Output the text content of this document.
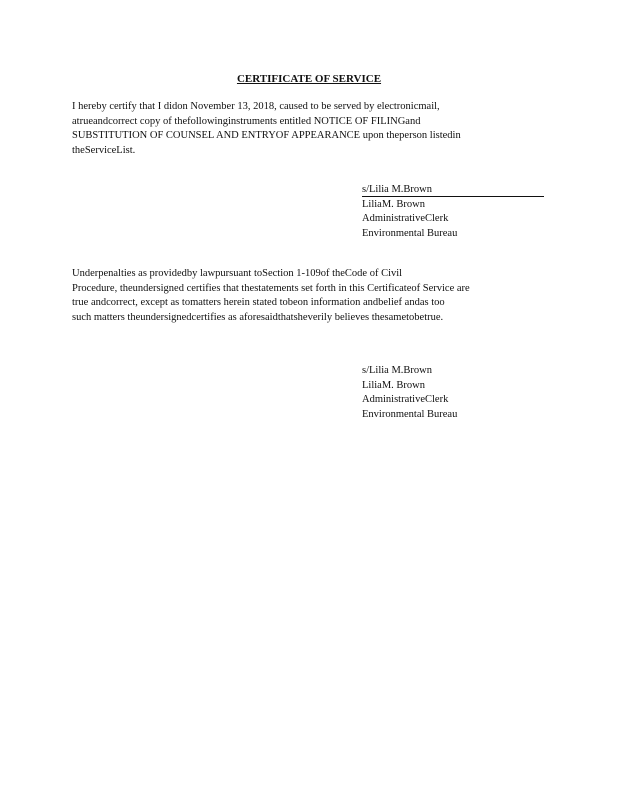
CERTIFICATE OF SERVICE
I hereby certify that I didon November 13, 2018, caused to be served by electronicmail,
atrueandcorrect copy of thefollowinginstruments entitled NOTICE OF FILINGand
SUBSTITUTION OF COUNSEL AND ENTRYOF APPEARANCE upon theperson listedin
theServiceList.
s/Lilia M.Brown
LiliaM. Brown
AdministrativeClerk
Environmental Bureau
Underpenalties as providedby lawpursuant toSection 1-109of theCode of Civil
Procedure, theundersigned certifies that thestatements set forth in this Certificateof Service are
true andcorrect, except as tomatters herein stated tobeon information andbelief andas too
such matters theundersignedcertifies as aforesaidthatsheverily believes thesametobetrue.
s/Lilia M.Brown
LiliaM. Brown
AdministrativeClerk
Environmental Bureau
